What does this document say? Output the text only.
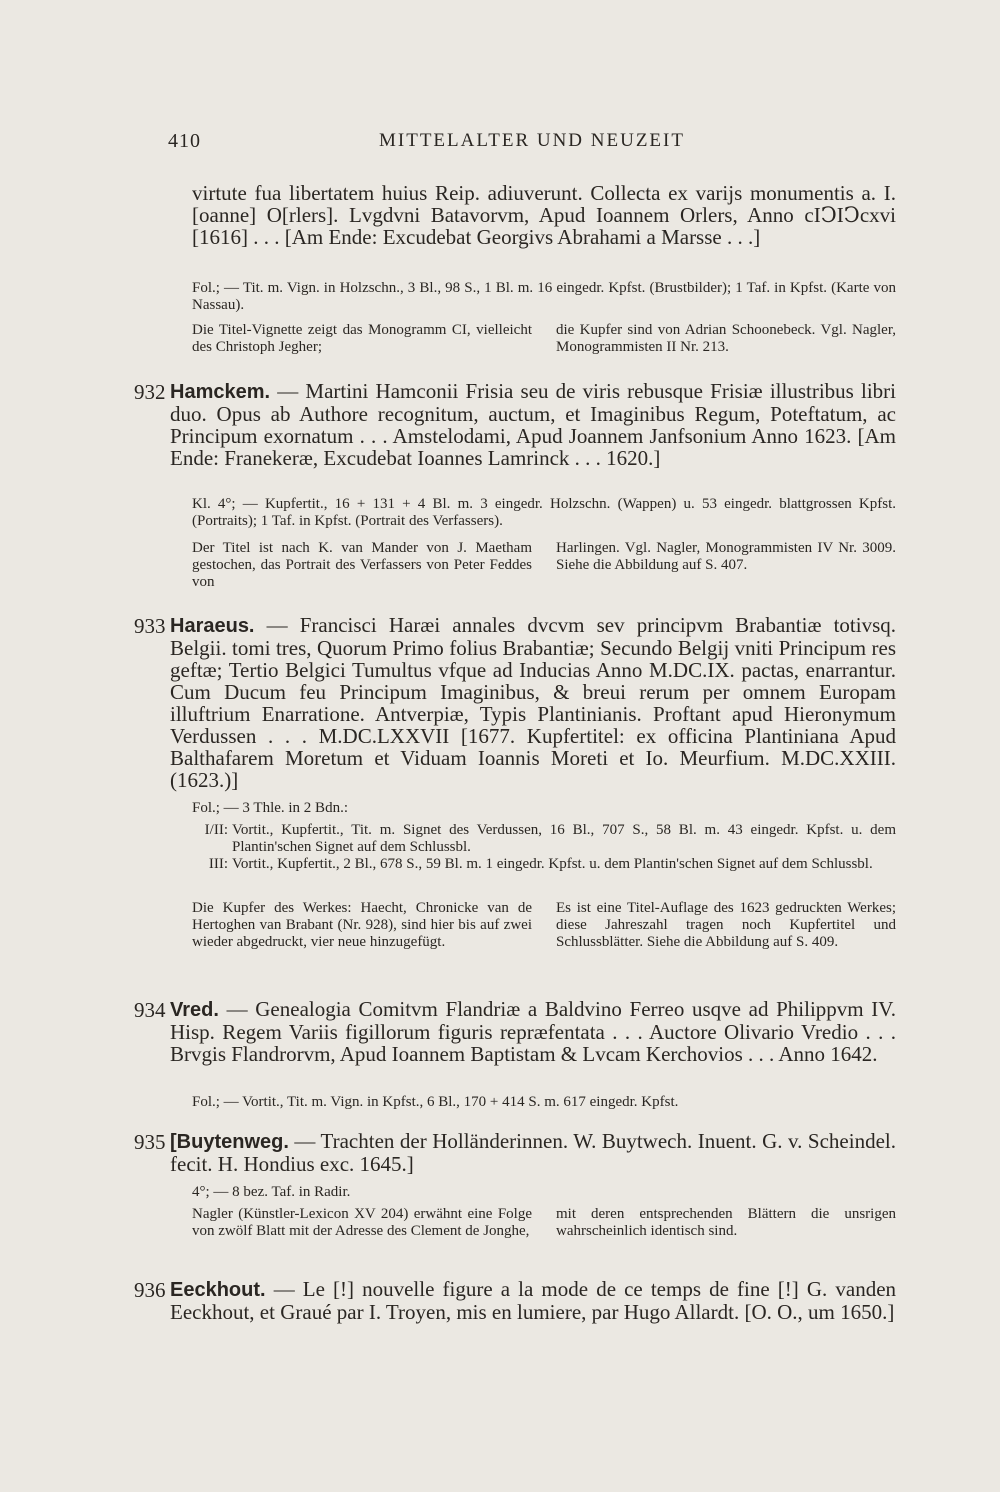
410	MITTELALTER UND NEUZEIT
virtute fua libertatem huius Reip. adiuverunt. Collecta ex varijs monumentis a. I.[oanne] O[rlers]. Lvgdvni Batavorvm, Apud Ioannem Orlers, Anno cIↃIↃcxvi [1616] . . . [Am Ende: Excudebat Georgivs Abrahami a Marsse . . .]
Fol.; — Tit. m. Vign. in Holzschn., 3 Bl., 98 S., 1 Bl. m. 16 eingedr. Kpfst. (Brustbilder); 1 Taf. in Kpfst. (Karte von Nassau).
Die Titel-Vignette zeigt das Monogramm CI, vielleicht des Christoph Jegher;
die Kupfer sind von Adrian Schoonebeck. Vgl. Nagler, Monogrammisten II Nr. 213.
932 Hamckem. — Martini Hamconii Frisia seu de viris rebusque Frisiæ illustribus libri duo. Opus ab Authore recognitum, auctum, et Imaginibus Regum, Poteftatum, ac Principum exornatum . . . Amstelodami, Apud Joannem Janfsonium Anno 1623. [Am Ende: Franekeræ, Excudebat Ioannes Lamrinck . . . 1620.]
Kl. 4°; — Kupfertit., 16 + 131 + 4 Bl. m. 3 eingedr. Holzschn. (Wappen) u. 53 eingedr. blattgrossen Kpfst. (Portraits); 1 Taf. in Kpfst. (Portrait des Verfassers).
Der Titel ist nach K. van Mander von J. Maetham gestochen, das Portrait des Verfassers von Peter Feddes von
Harlingen. Vgl. Nagler, Monogrammisten IV Nr. 3009. Siehe die Abbildung auf S. 407.
933 Haraeus. — Francisci Haræi annales dvcvm sev principvm Brabantiæ totivsq. Belgii. tomi tres, Quorum Primo folius Brabantiæ; Secundo Belgij vniti Principum res geftæ; Tertio Belgici Tumultus vfque ad Inducias Anno M.DC.IX. pactas, enarrantur. Cum Ducum feu Principum Imaginibus, & breui rerum per omnem Europam illuftrium Enarratione. Antverpiæ, Typis Plantinianis. Proftant apud Hieronymum Verdussen . . . M.DC.LXXVII [1677. Kupfertitel: ex officina Plantiniana Apud Balthafarem Moretum et Viduam Ioannis Moreti et Io. Meurfium. M.DC.XXIII. (1623.)]
Fol.; — 3 Thle. in 2 Bdn.:
I/II: Vortit., Kupfertit., Tit. m. Signet des Verdussen, 16 Bl., 707 S., 58 Bl. m. 43 eingedr. Kpfst. u. dem Plantin'schen Signet auf dem Schlussbl.
III: Vortit., Kupfertit., 2 Bl., 678 S., 59 Bl. m. 1 eingedr. Kpfst. u. dem Plantin'schen Signet auf dem Schlussbl.
Die Kupfer des Werkes: Haecht, Chronicke van de Hertoghen van Brabant (Nr. 928), sind hier bis auf zwei wieder abgedruckt, vier neue hinzugefügt.
Es ist eine Titel-Auflage des 1623 gedruckten Werkes; diese Jahreszahl tragen noch Kupfertitel und Schlussblätter. Siehe die Abbildung auf S. 409.
934 Vred. — Genealogia Comitvm Flandriæ a Baldvino Ferreo usqve ad Philippvm IV. Hisp. Regem Variis figillorum figuris repræfentata . . . Auctore Olivario Vredio . . . Brvgis Flandrorvm, Apud Ioannem Baptistam & Lvcam Kerchovios . . . Anno 1642.
Fol.; — Vortit., Tit. m. Vign. in Kpfst., 6 Bl., 170 + 414 S. m. 617 eingedr. Kpfst.
935 [Buytenweg. — Trachten der Holländerinnen. W. Buytwech. Inuent. G. v. Scheindel. fecit. H. Hondius exc. 1645.]
4°; — 8 bez. Taf. in Radir.
Nagler (Künstler-Lexicon XV 204) erwähnt eine Folge von zwölf Blatt mit der Adresse des Clement de Jonghe,
mit deren entsprechenden Blättern die unsrigen wahrscheinlich identisch sind.
936 Eeckhout. — Le [!] nouvelle figure a la mode de ce temps de fine [!] G. vanden Eeckhout, et Graué par I. Troyen, mis en lumiere, par Hugo Allardt. [O. O., um 1650.]
